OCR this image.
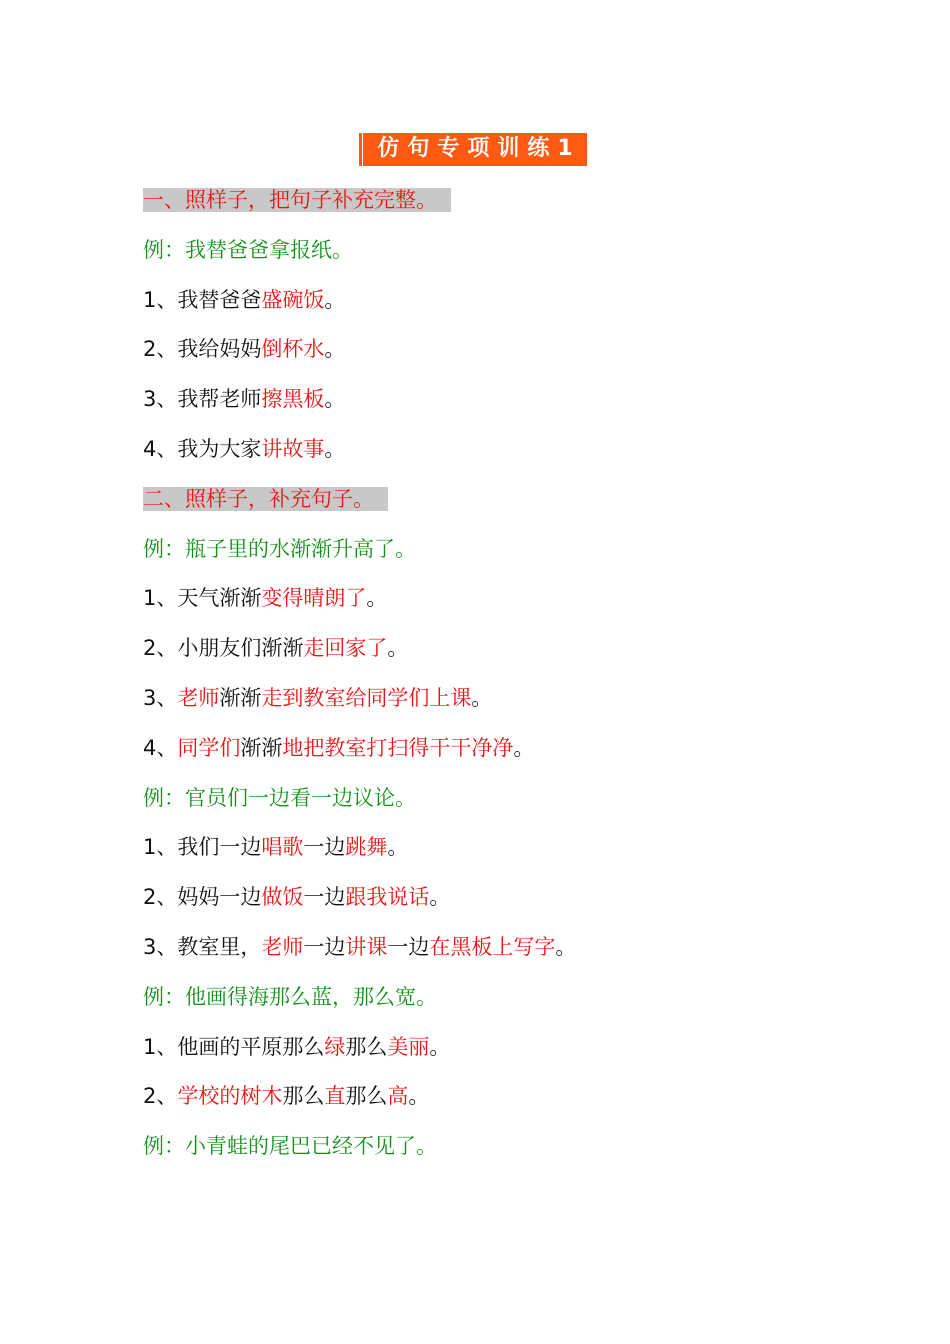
仿句专项训练1
一、照样子，把句子补充完整。
例：我替爸爸拿报纸。
1、我替爸爸盛碗饭。
2、我给妈妈倒杯水。
3、我帮老师擦黑板。
4、我为大家讲故事。
二、照样子，补充句子。
例：瓶子里的水渐渐升高了。
1、天气渐渐变得晴朗了。
2、小朋友们渐渐走回家了。
3、老师渐渐走到教室给同学们上课。
4、同学们渐渐地把教室打扫得干干净净。
例：官员们一边看一边议论。
1、我们一边唱歌一边跳舞。
2、妈妈一边做饭一边跟我说话。
3、教室里，老师一边讲课一边在黑板上写字。
例：他画得海那么蓝，那么宽。
1、他画的平原那么绿那么美丽。
2、学校的树木那么直那么高。
例：小青蛙的尾巴已经不见了。
